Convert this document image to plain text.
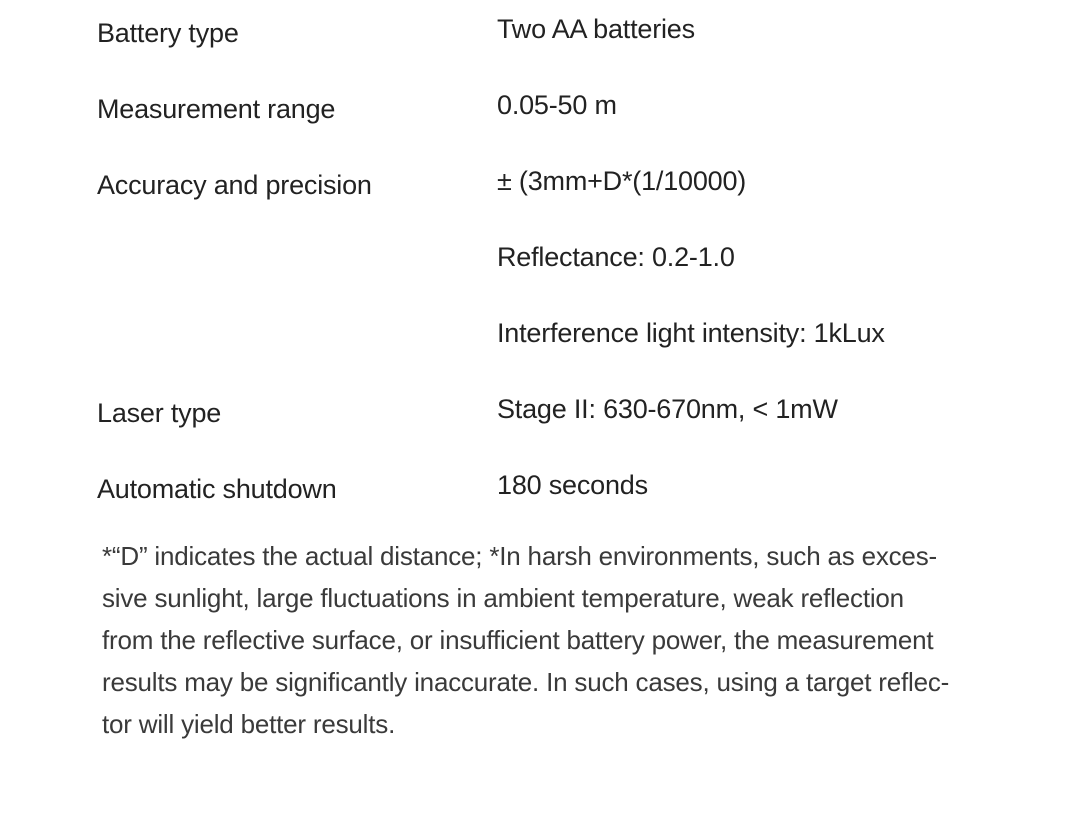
Battery type	Two AA batteries
Measurement range	0.05-50 m
Accuracy and precision	± (3mm+D*(1/10000)
Reflectance: 0.2-1.0
Interference light intensity: 1kLux
Laser type	Stage II: 630-670nm, < 1mW
Automatic shutdown	180 seconds
*“D” indicates the actual distance; *In harsh environments, such as exces-
sive sunlight, large fluctuations in ambient temperature, weak reflection
from the reflective surface, or insufficient battery power, the measurement
results may be significantly inaccurate. In such cases, using a target reflec-
tor will yield better results.
